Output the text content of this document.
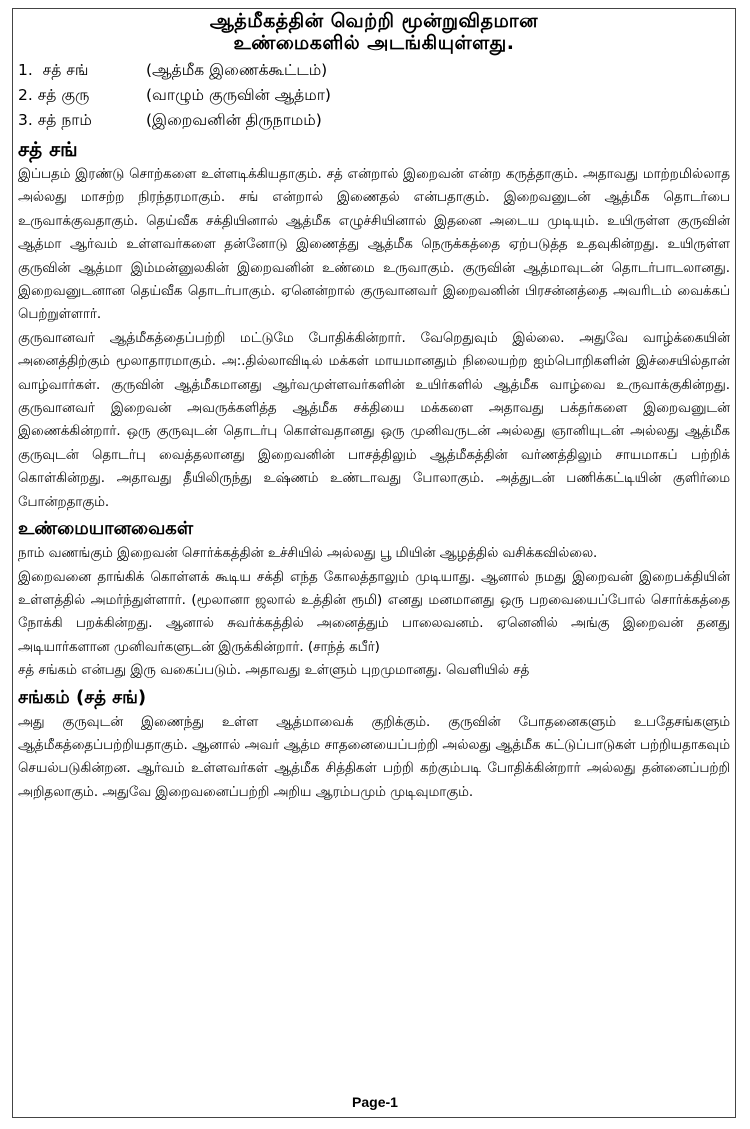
ஆத்மீகத்தின் வெற்றி மூன்றுவிதமான
உண்மைகளில் அடங்கியுள்ளது.
1.  சத் சங்	(ஆத்மீக இணைக்கூட்டம்)
2. சத் குரு	(வாழும் குருவின் ஆத்மா)
3. சத் நாம்	(இறைவனின் திருநாமம்)
சத் சங்

இப்பதம் இரண்டு சொற்களை உள்ளடிக்கியதாகும். சத் என்றால் இறைவன் என்ற கருத்தாகும். அதாவது மாற்றமில்லாத அல்லது மாசற்ற நிரந்தரமாகும். சங் என்றால் இணைதல் என்பதாகும். இறைவனுடன் ஆத்மீக தொடர்பை உருவாக்குவதாகும். தெய்வீக சக்தியினால் ஆத்மீக எழுச்சியினால் இதனை அடைய முடியும். உயிருள்ள குருவின் ஆத்மா ஆர்வம் உள்ளவர்களை தன்னோடு இணைத்து ஆத்மீக நெருக்கத்தை ஏற்படுத்த உதவுகின்றது. உயிருள்ள குருவின் ஆத்மா இம்மன்னுலகின் இறைவனின் உண்மை உருவாகும். குருவின் ஆத்மாவுடன் தொடர்பாடலானது. இறைவனுடனான தெய்வீக தொடர்பாகும். ஏனென்றால் குருவானவர் இறைவனின் பிரசன்னத்தை அவரிடம் வைக்கப் பெற்றுள்ளார்.

குருவானவர் ஆத்மீகத்தைப்பற்றி மட்டுமே போதிக்கின்றார். வேறெதுவும் இல்லை. அதுவே வாழ்க்கையின் அனைத்திற்கும் மூலாதாரமாகும். அ:.தில்லாவிடில் மக்கள் மாயமானதும் நிலையற்ற ஐம்பொறிகளின் இச்சையில்தான் வாழ்வார்கள். குருவின் ஆத்மீகமானது ஆர்வமுள்ளவர்களின் உயிர்களில் ஆத்மீக வாழ்வை உருவாக்குகின்றது. குருவானவர் இறைவன் அவருக்களித்த ஆத்மீக சக்தியை மக்களை அதாவது பக்தர்களை இறைவனுடன் இணைக்கின்றார். ஒரு குருவுடன் தொடர்பு கொள்வதானது ஒரு முனிவருடன் அல்லது ஞானியுடன் அல்லது ஆத்மீக குருவுடன் தொடர்பு வைத்தலானது இறைவனின் பாசத்திலும் ஆத்மீகத்தின் வர்ணத்திலும் சாயமாகப் பற்றிக் கொள்கின்றது. அதாவது தீயிலிருந்து உஷ்ணம் உண்டாவது போலாகும். அத்துடன் பணிக்கட்டியின் குளிர்மை போன்றதாகும்.

உண்மையானவைகள்

நாம் வணங்கும் இறைவன் சொர்க்கத்தின் உச்சியில் அல்லது பூ மியின் ஆழத்தில் வசிக்கவில்லை.

இறைவனை தாங்கிக் கொள்ளக் கூடிய சக்தி எந்த கோலத்தாலும் முடியாது. ஆனால் நமது இறைவன் இறைபக்தியின் உள்ளத்தில் அமர்ந்துள்ளார். (மூலானா ஜலால் உத்தின் ரூமி) எனது மனமானது ஒரு பறவையைப்போல் சொர்க்கத்தை நோக்கி பறக்கின்றது. ஆனால் சுவர்க்கத்தில் அனைத்தும் பாலைவனம். ஏனெனில் அங்கு இறைவன் தனது அடியார்களான முனிவர்களுடன் இருக்கின்றார். (சாந்த் கபீர்)

சத் சங்கம் என்பது இரு வகைப்படும். அதாவது உள்ளும் புறமுமானது. வெளியில் சத்

சங்கம் (சத் சங்)

அது குருவுடன் இணைந்து உள்ள ஆத்மாவைக் குறிக்கும். குருவின் போதனைகளும் உபதேசங்களும் ஆத்மீகத்தைப்பற்றியதாகும். ஆனால் அவர் ஆத்ம சாதனையைப்பற்றி அல்லது ஆத்மீக கட்டுப்பாடுகள் பற்றியதாகவும் செயல்படுகின்றன. ஆர்வம் உள்ளவர்கள் ஆத்மீக சித்திகள் பற்றி கற்கும்படி போதிக்கின்றார் அல்லது தன்னைப்பற்றி அறிதலாகும். அதுவே இறைவனைப்பற்றி அறிய ஆரம்பமும் முடிவுமாகும்.

Page-1
